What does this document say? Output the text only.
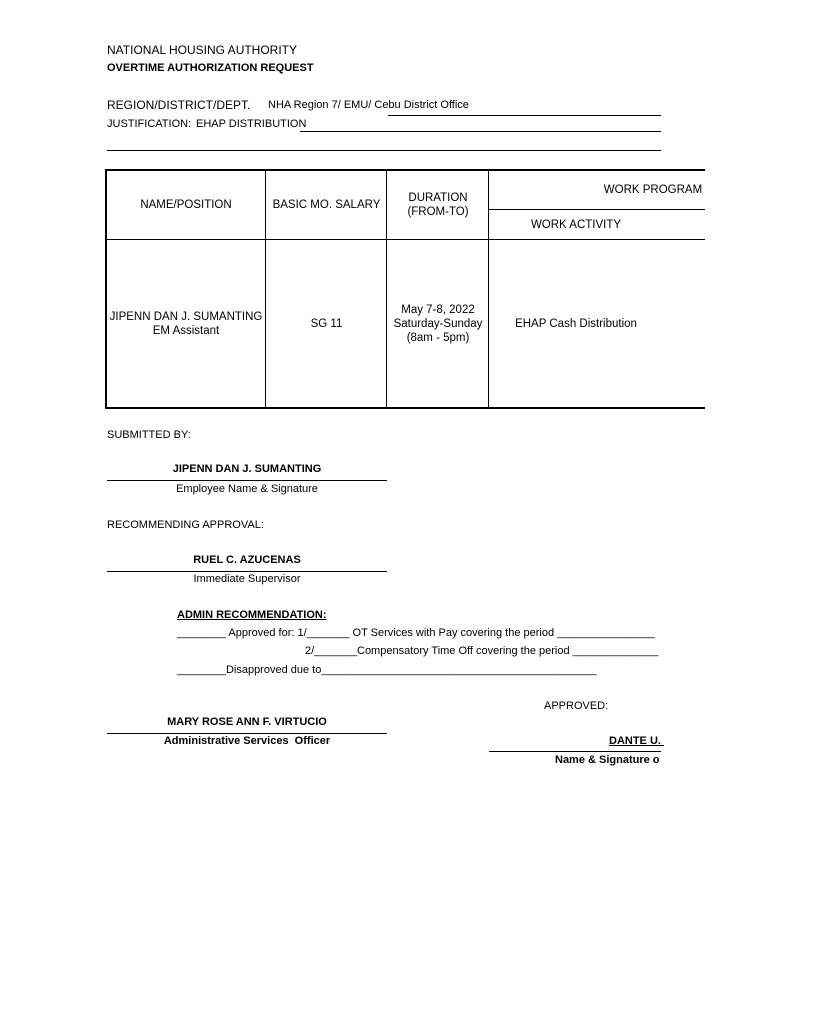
NATIONAL HOUSING AUTHORITY
OVERTIME AUTHORIZATION REQUEST
REGION/DISTRICT/DEPT. NHA Region 7/ EMU/ Cebu District Office
JUSTIFICATION: EHAP DISTRIBUTION
NAME/POSITION	BASIC MO. SALARY
DURATION
(FROM-TO)
WORK PROGRAM
WORK ACTIVITY
JIPENN DAN J. SUMANTING
EM Assistant
SG 11
May 7-8, 2022
Saturday-Sunday
(8am - 5pm)
EHAP Cash Distribution
SUBMITTED BY:
JIPENN DAN J. SUMANTING
Employee Name & Signature
RECOMMENDING APPROVAL:
RUEL C. AZUCENAS
Immediate Supervisor
ADMIN RECOMMENDATION:
________ Approved for: 1/_______ OT Services with Pay covering the period ________________
2/_______Compensatory Time Off covering the period ______________
________Disapproved due to_____________________________________________
APPROVED:
DANTE U.
Name & Signature o
MARY ROSE ANN F. VIRTUCIO
Administrative Services  Officer
